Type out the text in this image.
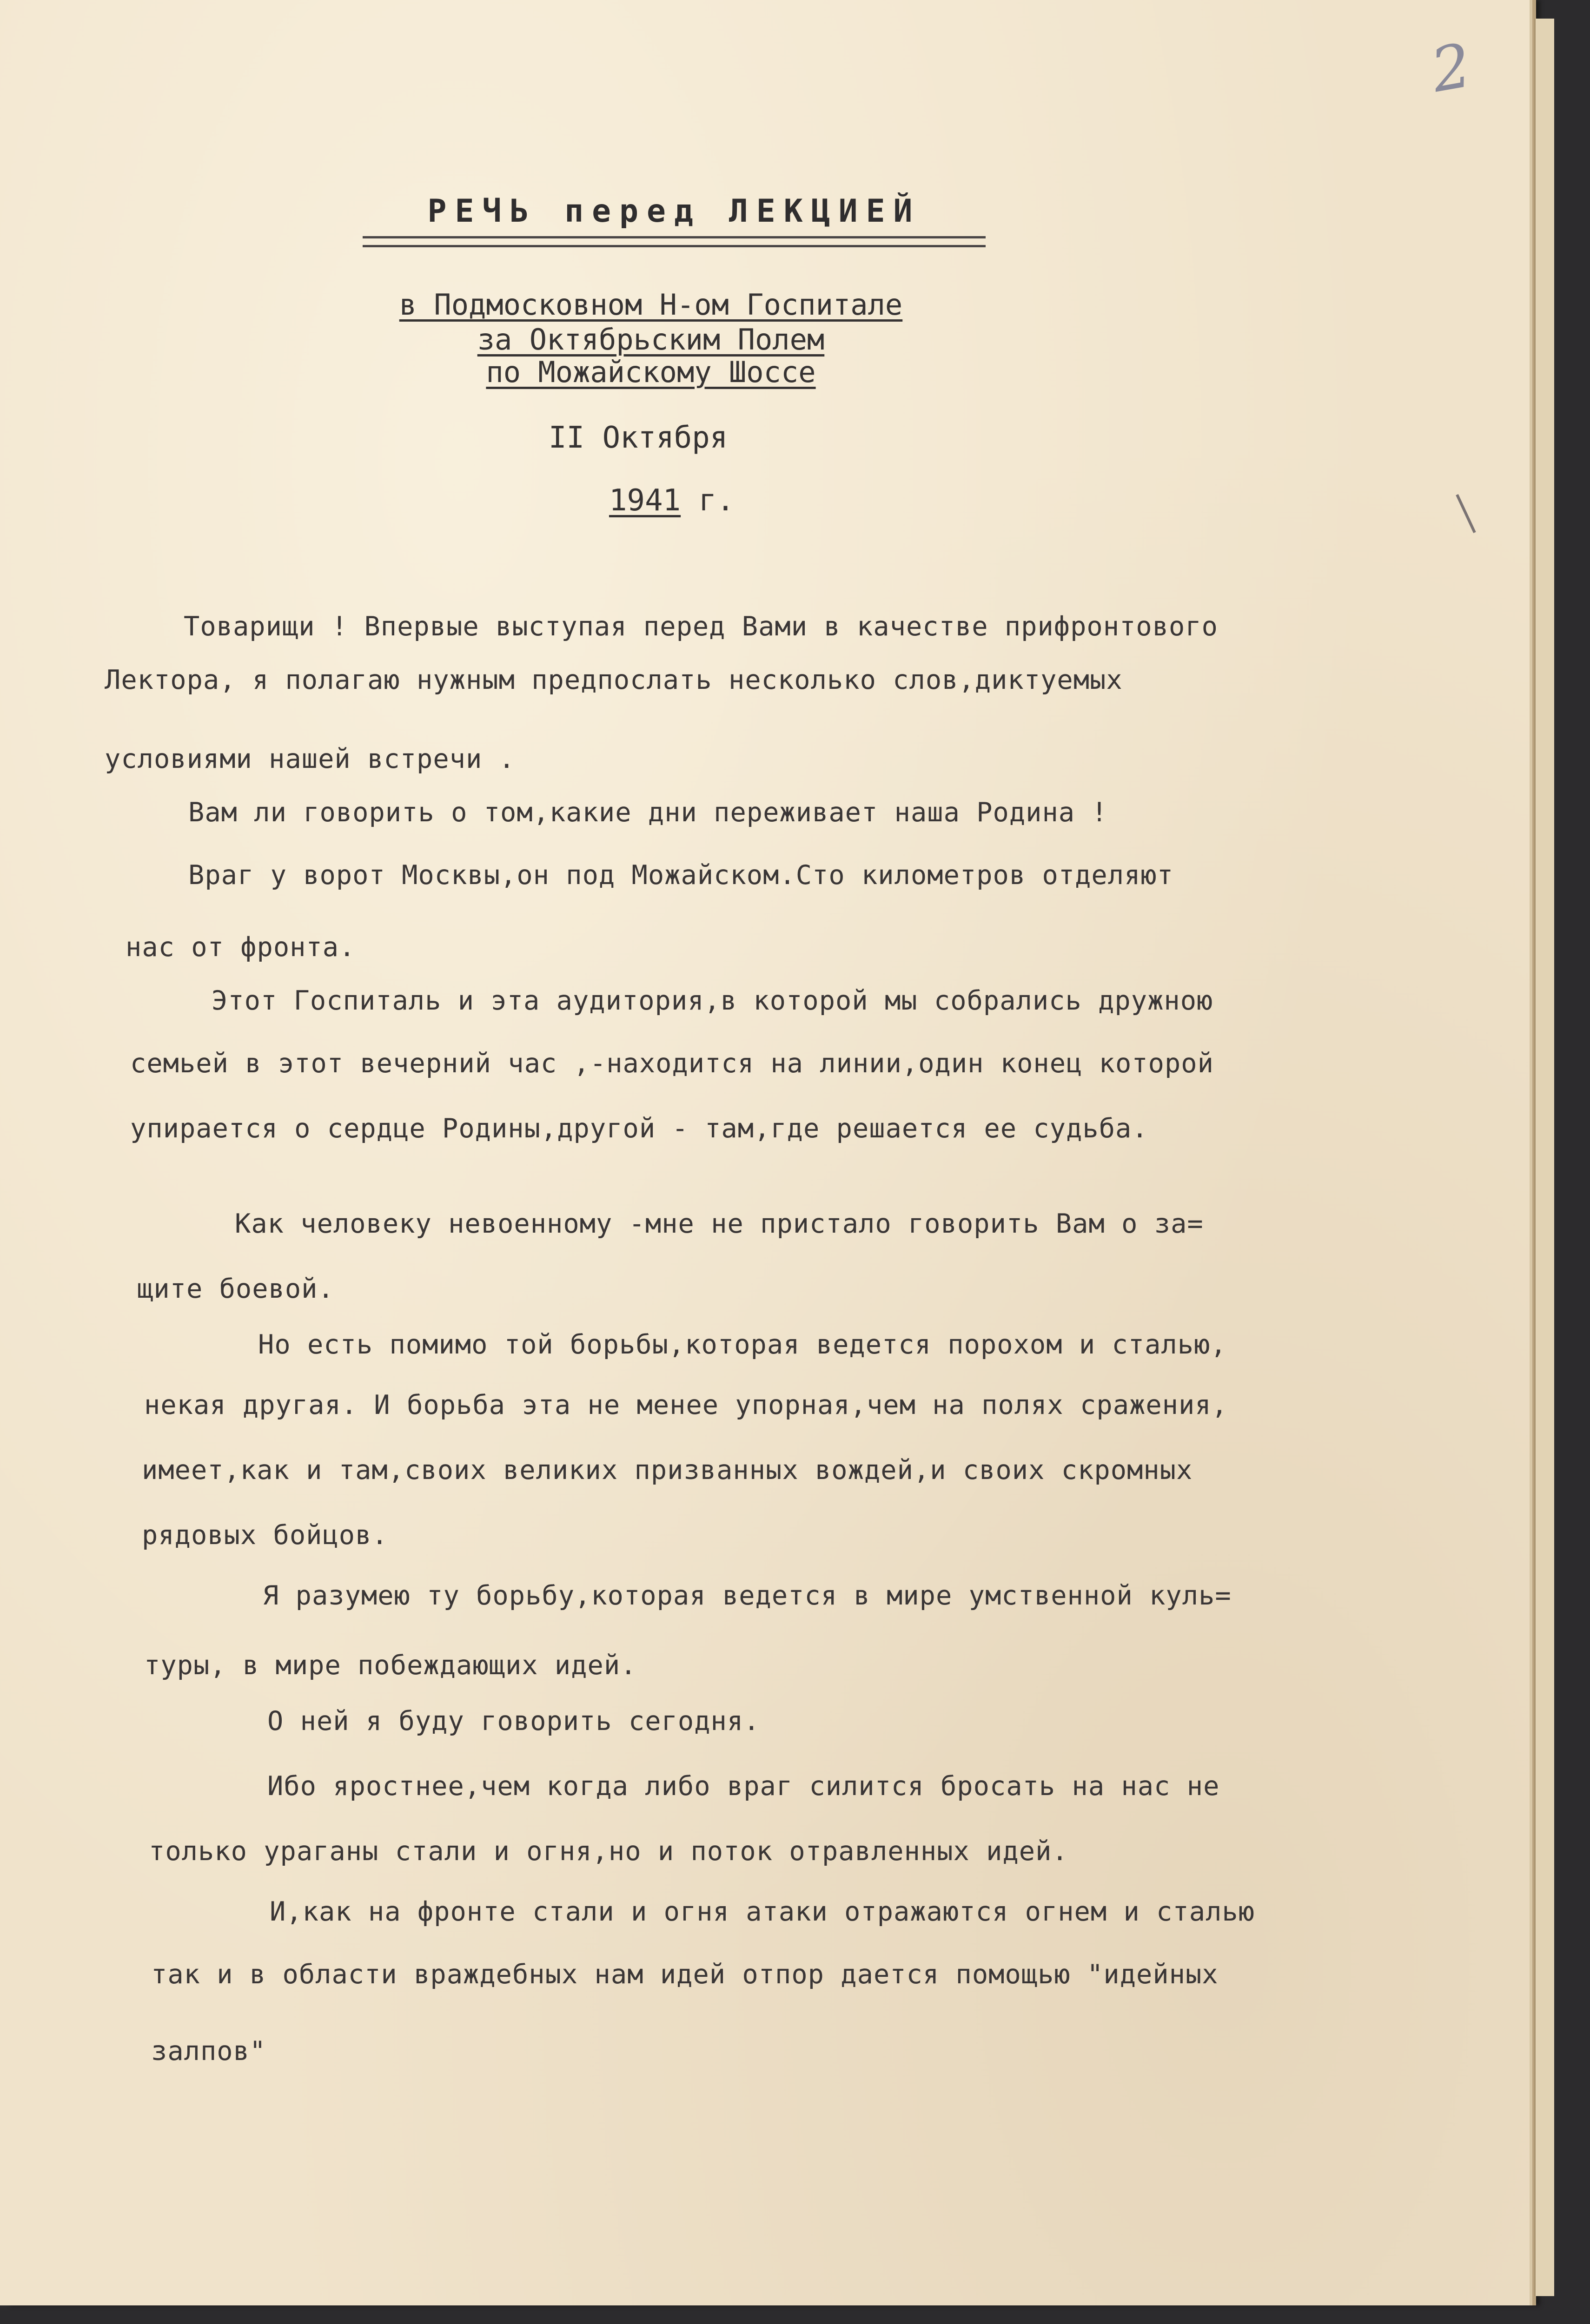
2
РЕЧЬ перед ЛЕКЦИЕЙ
в Подмосковном Н-ом Госпитале
за Октябрьским Полем
по Можайскому Шоссе
II Октября
1941 г.
Товарищи ! Впервые выступая перед Вами в качестве прифронтового
Лектора, я полагаю нужным предпослать несколько слов,диктуемых
условиями нашей встречи .
Вам ли говорить о том,какие дни переживает наша Родина !
Враг у ворот Москвы,он под Можайском.Сто километров отделяют
нас от фронта.
Этот Госпиталь и эта аудитория,в которой мы собрались дружною
семьей в этот вечерний час ,-находится на линии,один конец которой
упирается о сердце Родины,другой - там,где решается ее судьба.
Как человеку невоенному -мне не пристало говорить Вам о за=
щите боевой.
Но есть помимо той борьбы,которая ведется порохом и сталью,
некая другая. И борьба эта не менее упорная,чем на полях сражения,
имеет,как и там,своих великих призванных вождей,и своих скромных
рядовых бойцов.
Я разумею ту борьбу,которая ведется в мире умственной куль=
туры, в мире побеждающих идей.
О ней я буду говорить сегодня.
Ибо яростнее,чем когда либо враг силится бросать на нас не
только ураганы стали и огня,но и поток отравленных идей.
И,как на фронте стали и огня атаки отражаются огнем и сталью
так и в области враждебных нам идей отпор дается помощью "идейных
залпов"
